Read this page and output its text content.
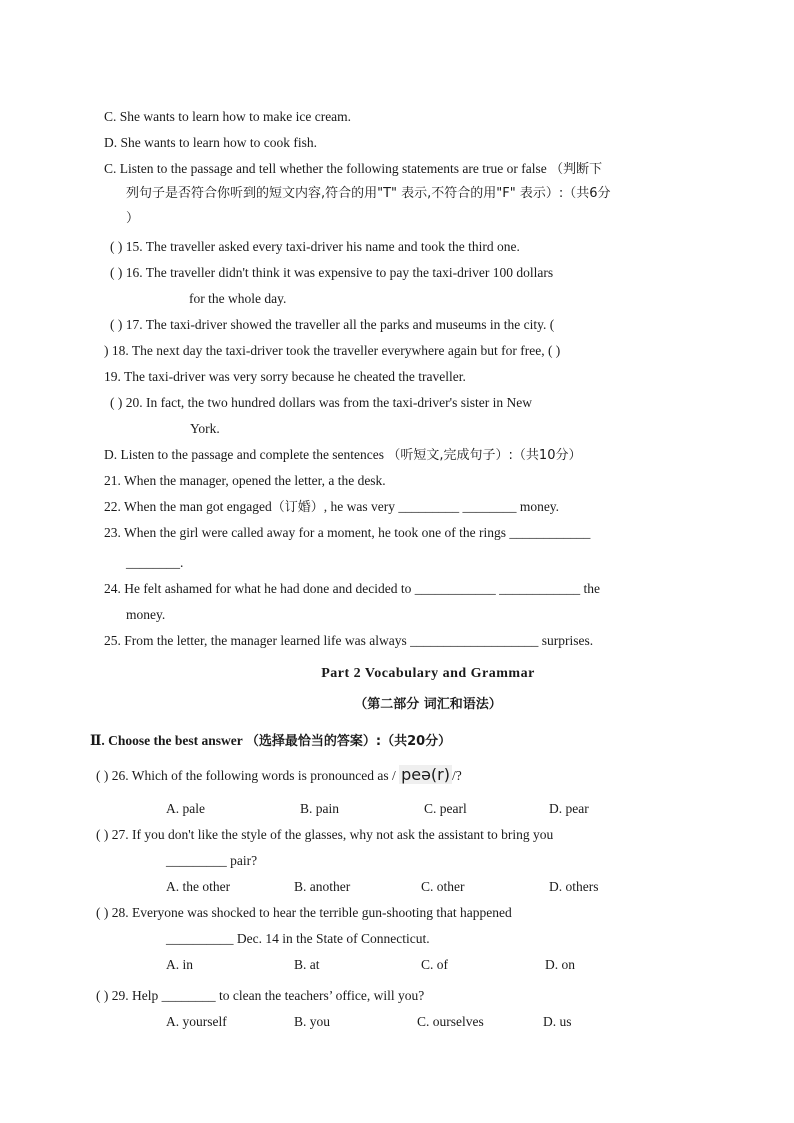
C. She wants to learn how to make ice cream.
D. She wants to learn how to cook fish.
C. Listen to the passage and tell whether the following statements are true or false （判断下
列句子是否符合你听到的短文内容,符合的用"T" 表示,不符合的用"F" 表示）:（共6分
）
( ) 15. The traveller asked every taxi-driver his name and took the third one.
( ) 16. The traveller didn't think it was expensive to pay the taxi-driver 100 dollars
for the whole day.
( ) 17. The taxi-driver showed the traveller all the parks and museums in the city. (
) 18. The next day the taxi-driver took the traveller everywhere again but for free, ( )
19. The taxi-driver was very sorry because he cheated the traveller.
( ) 20. In fact, the two hundred dollars was from the taxi-driver's sister in New
York.
D. Listen to the passage and complete the sentences （听短文,完成句子）:（共10分）
21. When the manager, opened the letter, a the desk.
22. When the man got engaged（订婚）, he was very _________ ________ money.
23. When the girl were called away for a moment, he took one of the rings ____________
________.
24. He felt ashamed for what he had done and decided to ____________ ____________ the
money.
25. From the letter, the manager learned life was always ___________________ surprises.
Part 2 Vocabulary and Grammar
（第二部分 词汇和语法）
Ⅱ. Choose the best answer （选择最恰当的答案）:（共20分）
( ) 26. Which of the following words is pronounced as / peə(r) /?
A. pale	B. pain	C. pearl	D. pear
( ) 27. If you don't like the style of the glasses, why not ask the assistant to bring you
_________ pair?
A. the other	B. another	C. other	D. others
( ) 28. Everyone was shocked to hear the terrible gun-shooting that happened
__________ Dec. 14 in the State of Connecticut.
A. in	B. at	C. of	D. on
( ) 29. Help ________ to clean the teachers’ office, will you?
A. yourself	B. you	C. ourselves	D. us
